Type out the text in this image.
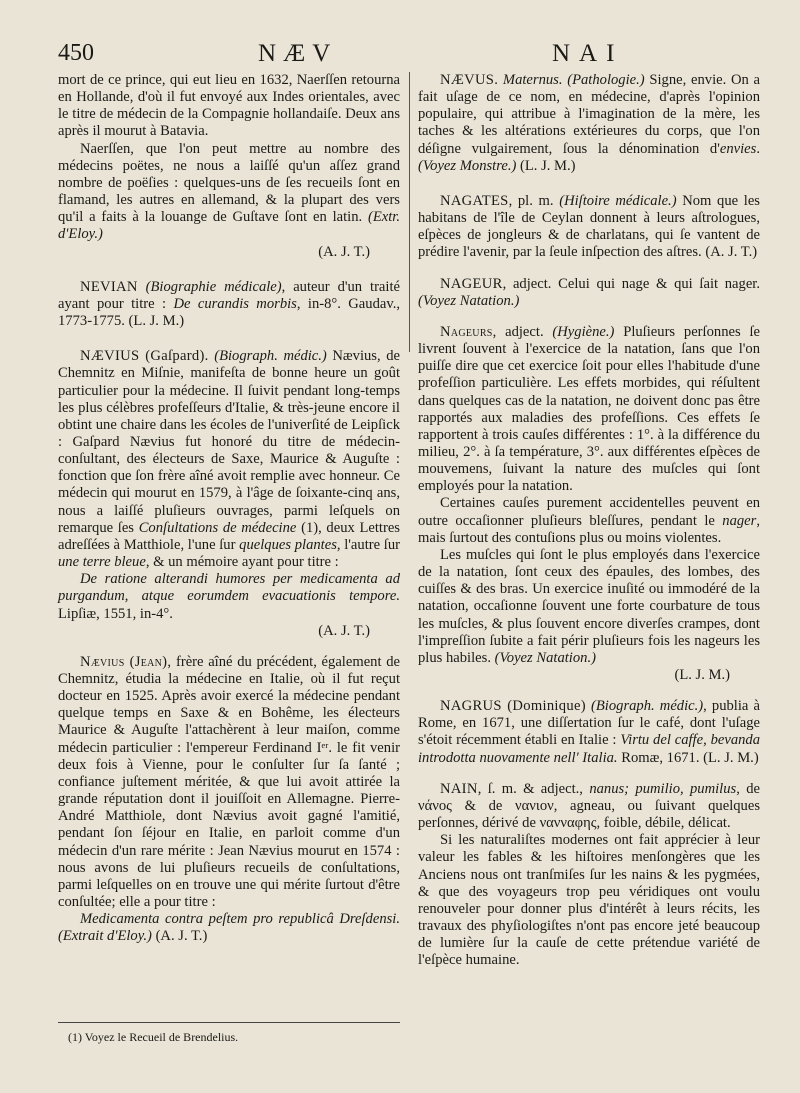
450	NÆV	NAI

mort de ce prince, qui eut lieu en 1632, Naerſſen retourna en Hollande, d'où il fut envoyé aux Indes orientales, avec le titre de médecin de la Compagnie hollandaiſe. Deux ans après il mourut à Batavia.

Naerſſen, que l'on peut mettre au nombre des médecins poëtes, ne nous a laiſſé qu'un aſſez grand nombre de poëſies : quelques-uns de ſes recueils ſont en flamand, les autres en allemand, & la plupart des vers qu'il a faits à la louange de Guſtave ſont en latin. (Extr. d'Eloy.)

(A. J. T.)

NEVIAN (Biographie médicale), auteur d'un traité ayant pour titre : De curandis morbis, in-8°. Gaudav., 1773-1775. (L. J. M.)

NÆVIUS (Gaſpard). (Biograph. médic.) Nævius, de Chemnitz en Miſnie, manifeſta de bonne heure un goût particulier pour la médecine. Il ſuivit pendant long-temps les plus célèbres profeſſeurs d'Italie, & très-jeune encore il obtint une chaire dans les écoles de l'univerſité de Leipſick : Gaſpard Nævius fut honoré du titre de médecin-conſultant, des électeurs de Saxe, Maurice & Auguſte : fonction que ſon frère aîné avoit remplie avec honneur. Ce médecin qui mourut en 1579, à l'âge de ſoixante-cinq ans, nous a laiſſé pluſieurs ouvrages, parmi leſquels on remarque ſes Conſultations de médecine (1), deux Lettres adreſſées à Matthiole, l'une ſur quelques plantes, l'autre ſur une terre bleue, & un mémoire ayant pour titre :

De ratione alterandi humores per medicamenta ad purgandum, atque eorumdem evacuationis tempore. Lipſiæ, 1551, in-4°.

(A. J. T.)

Nævius (Jean), frère aîné du précédent, également de Chemnitz, étudia la médecine en Italie, où il fut reçut docteur en 1525. Après avoir exercé la médecine pendant quelque temps en Saxe & en Bohême, les électeurs Maurice & Auguſte l'attachèrent à leur maiſon, comme médecin particulier : l'empereur Ferdinand Iᵉʳ. le fit venir deux fois à Vienne, pour le conſulter ſur ſa ſanté ; confiance juſtement méritée, & que lui avoit attirée la grande réputation dont il jouiſſoit en Allemagne. Pierre-André Matthiole, dont Nævius avoit gagné l'amitié, pendant ſon ſéjour en Italie, en parloit comme d'un médecin d'un rare mérite : Jean Nævius mourut en 1574 : nous avons de lui pluſieurs recueils de conſultations, parmi leſquelles on en trouve une qui mérite ſurtout d'être conſultée; elle a pour titre :

Medicamenta contra peſtem pro republicâ Dreſdensi. (Extrait d'Eloy.) (A. J. T.)

NÆVUS. Maternus. (Pathologie.) Signe, envie. On a fait uſage de ce nom, en médecine, d'après l'opinion populaire, qui attribue à l'imagination de la mère, les taches & les altérations extérieures du corps, que l'on déſigne vulgairement, ſous la dénomination d'envies. (Voyez Monstre.) (L. J. M.)

NAGATES, pl. m. (Hiſtoire médicale.) Nom que les habitans de l'île de Ceylan donnent à leurs aſtrologues, eſpèces de jongleurs & de charlatans, qui ſe vantent de prédire l'avenir, par la ſeule inſpection des aſtres. (A. J. T.)

NAGEUR, adject. Celui qui nage & qui ſait nager. (Voyez Natation.)

Nageurs, adject. (Hygiène.) Pluſieurs perſonnes ſe livrent ſouvent à l'exercice de la natation, ſans que l'on puiſſe dire que cet exercice ſoit pour elles l'habitude d'une profeſſion particulière. Les effets morbides, qui réſultent dans quelques cas de la natation, ne doivent donc pas être rapportés aux maladies des profeſſions. Ces effets ſe rapportent à trois cauſes différentes : 1°. à la différence du milieu, 2°. à ſa température, 3°. aux différentes eſpèces de mouvemens, ſuivant la nature des muſcles qui ſont employés pour la natation.

Certaines cauſes purement accidentelles peuvent en outre occaſionner pluſieurs bleſſures, pendant le nager, mais ſurtout des contuſions plus ou moins violentes.

Les muſcles qui ſont le plus employés dans l'exercice de la natation, ſont ceux des épaules, des lombes, des cuiſſes & des bras. Un exercice inuſité ou immodéré de la natation, occaſionne ſouvent une forte courbature de tous les muſcles, & plus ſouvent encore diverſes crampes, dont l'impreſſion ſubite a fait périr pluſieurs fois les nageurs les plus habiles. (Voyez Natation.)

(L. J. M.)

NAGRUS (Dominique) (Biograph. médic.), publia à Rome, en 1671, une diſſertation ſur le café, dont l'uſage s'étoit récemment établi en Italie : Virtu del caffe, bevanda introdotta nuovamente nell' Italia. Romæ, 1671. (L. J. M.)

NAIN, ſ. m. & adject., nanus; pumilio, pumilus, de νάνος & de νανιον, agneau, ou ſuivant quelques perſonnes, dérivé de νανναφης, foible, débile, délicat.

Si les naturaliſtes modernes ont fait apprécier à leur valeur les fables & les hiſtoires menſongères que les Anciens nous ont tranſmiſes ſur les nains & les pygmées, & que des voyageurs trop peu véridiques ont voulu renouveler pour donner plus d'intérêt à leurs récits, les travaux des phyſiologiſtes n'ont pas encore jeté beaucoup de lumière ſur la cauſe de cette prétendue variété de l'eſpèce humaine.

(1) Voyez le Recueil de Brendelius.
